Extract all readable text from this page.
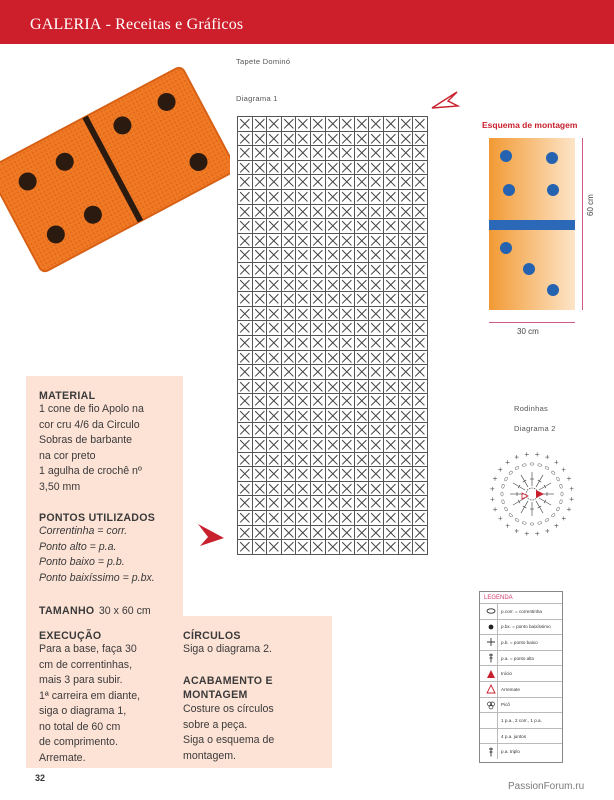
GALERIA - Receitas e Gráficos
Tapete Dominó
Diagrama 1
Esquema de montagem
60 cm
30 cm
Rodinhas
Diagrama 2
LEGENDA
p.corr. = correntinha
p.bx. = ponto baixíssimo
p.b. = ponto baixo
p.a. = ponto alto
Início
Arremate
Picô
1 p.a., 2 corr., 1 p.a.
4 p.a. juntos
p.a. triplo
MATERIAL
1 cone de fio Apolo na
cor cru 4/6 da Circulo
Sobras de barbante
na cor preto
1 agulha de crochê nº
3,50 mm
PONTOS UTILIZADOS
Correntinha = corr.
Ponto alto = p.a.
Ponto baixo = p.b.
Ponto baixíssimo = p.bx.
TAMANHO 30 x 60 cm
EXECUÇÃO
Para a base, faça 30
cm de correntinhas,
mais 3 para subir.
1ª carreira em diante,
siga o diagrama 1,
no total de 60 cm
de comprimento.
Arremate.
CÍRCULOS
Siga o diagrama 2.
ACABAMENTO E
MONTAGEM
Costure os círculos
sobre a peça.
Siga o esquema de
montagem.
32
PassionForum.ru
